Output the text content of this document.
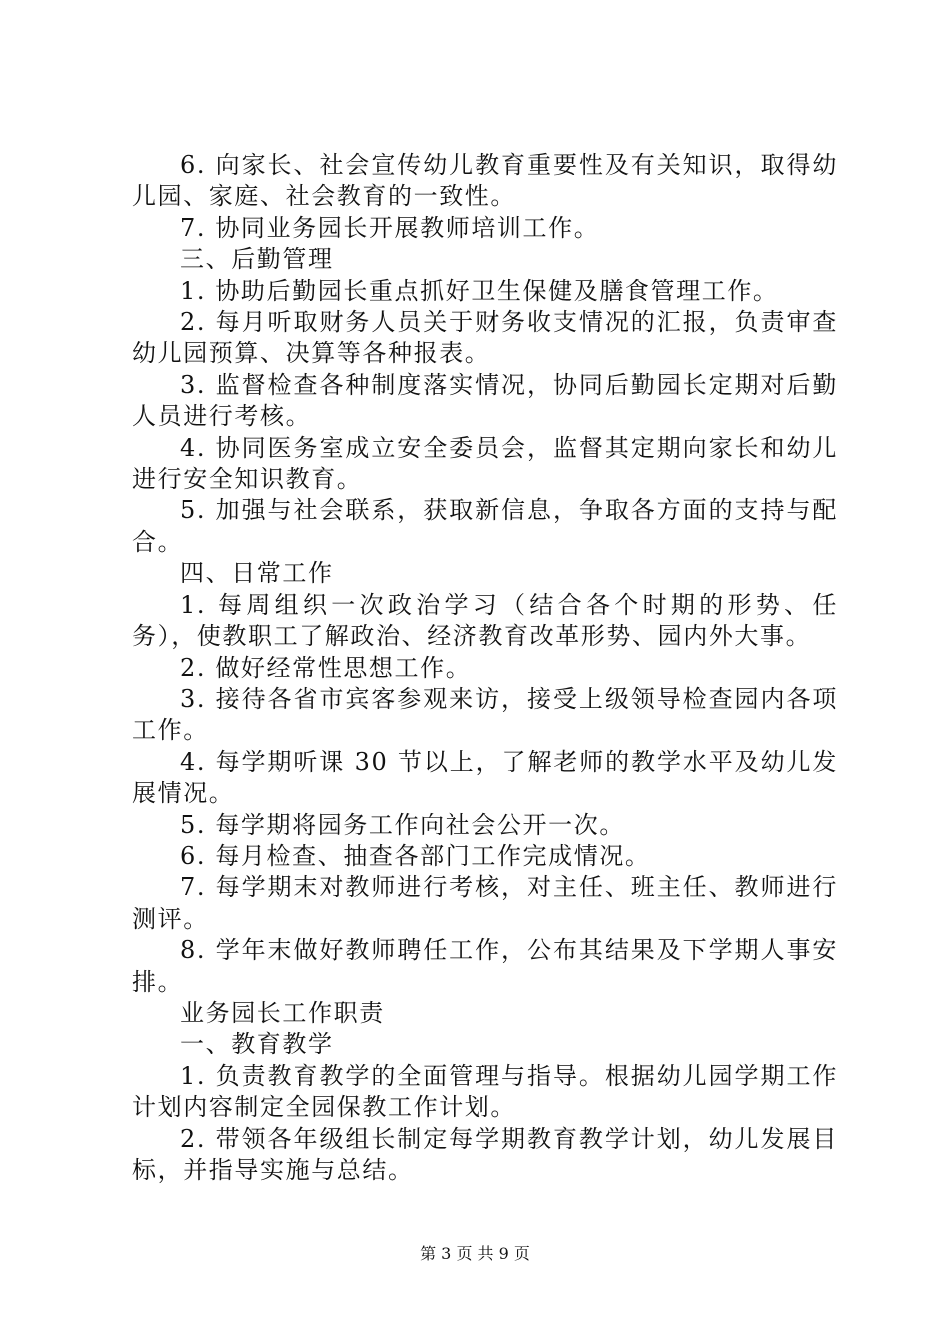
6. 向家长、社会宣传幼儿教育重要性及有关知识，取得幼儿园、家庭、社会教育的一致性。

7. 协同业务园长开展教师培训工作。

三、后勤管理

1. 协助后勤园长重点抓好卫生保健及膳食管理工作。

2. 每月听取财务人员关于财务收支情况的汇报，负责审查幼儿园预算、决算等各种报表。

3. 监督检查各种制度落实情况，协同后勤园长定期对后勤人员进行考核。

4. 协同医务室成立安全委员会，监督其定期向家长和幼儿进行安全知识教育。

5. 加强与社会联系，获取新信息，争取各方面的支持与配合。

四、日常工作

1. 每周组织一次政治学习（结合各个时期的形势、任务），使教职工了解政治、经济教育改革形势、园内外大事。

2. 做好经常性思想工作。

3. 接待各省市宾客参观来访，接受上级领导检查园内各项工作。

4. 每学期听课 30 节以上，了解老师的教学水平及幼儿发展情况。

5. 每学期将园务工作向社会公开一次。

6. 每月检查、抽查各部门工作完成情况。

7. 每学期末对教师进行考核，对主任、班主任、教师进行测评。

8. 学年末做好教师聘任工作，公布其结果及下学期人事安排。

业务园长工作职责

一、教育教学

1. 负责教育教学的全面管理与指导。根据幼儿园学期工作计划内容制定全园保教工作计划。

2. 带领各年级组长制定每学期教育教学计划，幼儿发展目标，并指导实施与总结。

第 3 页 共 9 页
